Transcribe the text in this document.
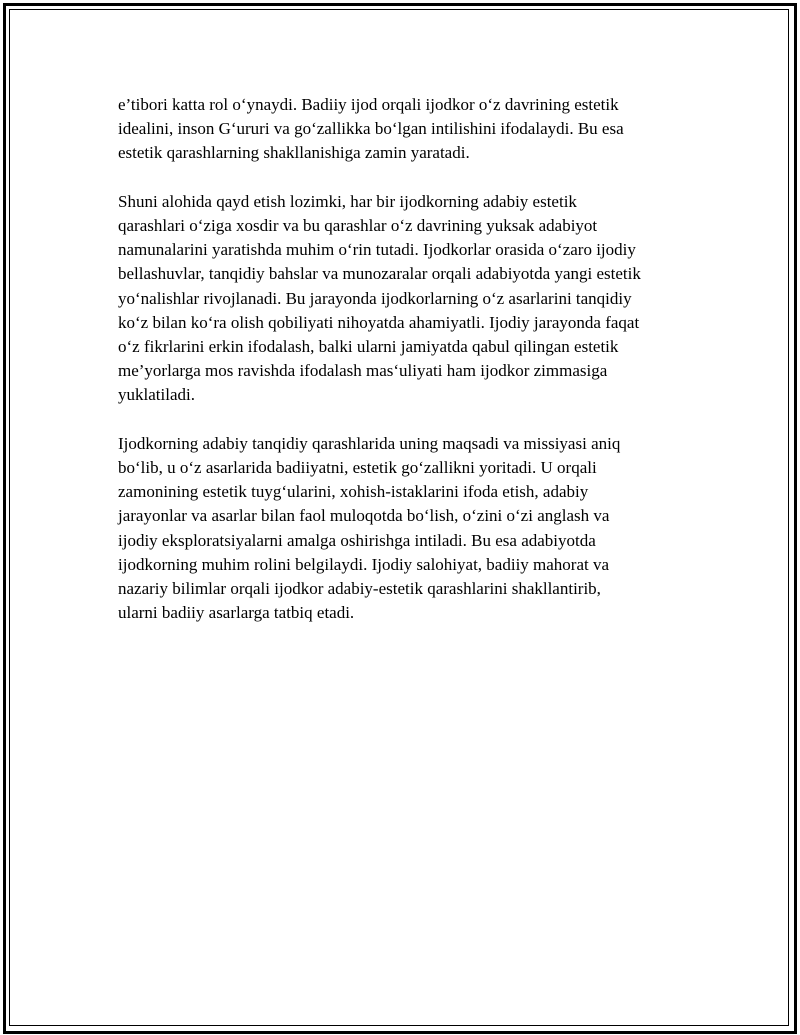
e’tibori katta rol o‘ynaydi. Badiiy ijod orqali ijodkor o‘z davrining estetik
idealini, inson G‘ururi va go‘zallikka bo‘lgan intilishini ifodalaydi. Bu esa
estetik qarashlarning shakllanishiga zamin yaratadi.

Shuni alohida qayd etish lozimki, har bir ijodkorning adabiy estetik
qarashlari o‘ziga xosdir va bu qarashlar o‘z davrining yuksak adabiyot
namunalarini yaratishda muhim o‘rin tutadi. Ijodkorlar orasida o‘zaro ijodiy
bellashuvlar, tanqidiy bahslar va munozaralar orqali adabiyotda yangi estetik
yo‘nalishlar rivojlanadi. Bu jarayonda ijodkorlarning o‘z asarlarini tanqidiy
ko‘z bilan ko‘ra olish qobiliyati nihoyatda ahamiyatli. Ijodiy jarayonda faqat
o‘z fikrlarini erkin ifodalash, balki ularni jamiyatda qabul qilingan estetik
me’yorlarga mos ravishda ifodalash mas‘uliyati ham ijodkor zimmasiga
yuklatiladi.

Ijodkorning adabiy tanqidiy qarashlarida uning maqsadi va missiyasi aniq
bo‘lib, u o‘z asarlarida badiiyatni, estetik go‘zallikni yoritadi. U orqali
zamonining estetik tuyg‘ularini, xohish-istaklarini ifoda etish, adabiy
jarayonlar va asarlar bilan faol muloqotda bo‘lish, o‘zini o‘zi anglash va
ijodiy eksploratsiyalarni amalga oshirishga intiladi. Bu esa adabiyotda
ijodkorning muhim rolini belgilaydi. Ijodiy salohiyat, badiiy mahorat va
nazariy bilimlar orqali ijodkor adabiy-estetik qarashlarini shakllantirib,
ularni badiiy asarlarga tatbiq etadi.
